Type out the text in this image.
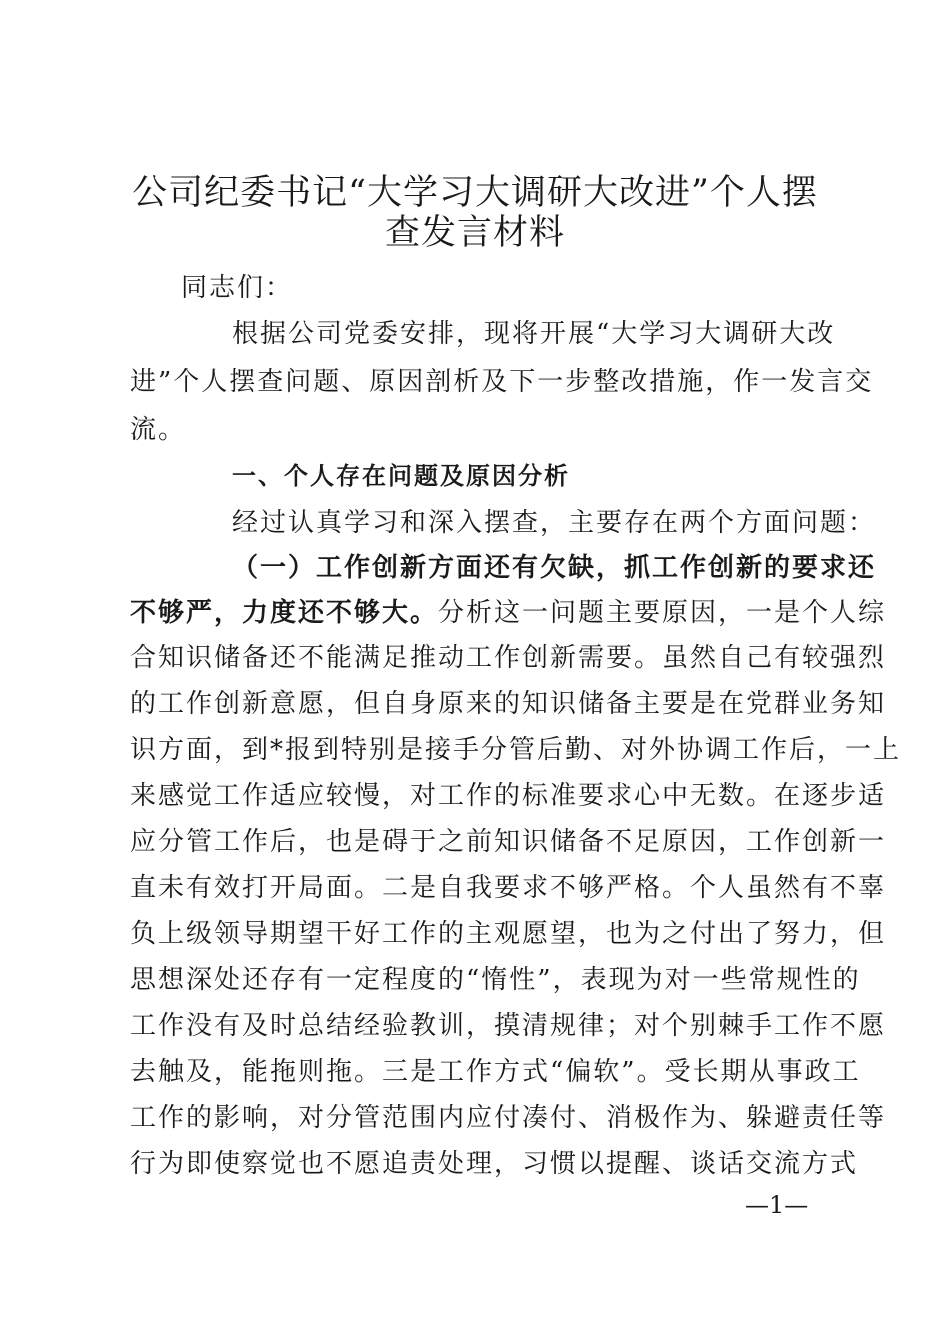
公司纪委书记“大学习大调研大改进”个人摆
查发言材料

同志们：

根据公司党委安排，现将开展“大学习大调研大改

进”个人摆查问题、原因剖析及下一步整改措施，作一发言交

流。

一、个人存在问题及原因分析

经过认真学习和深入摆查，主要存在两个方面问题：

（一）工作创新方面还有欠缺，抓工作创新的要求还

不够严，力度还不够大。分析这一问题主要原因，一是个人综

合知识储备还不能满足推动工作创新需要。虽然自己有较强烈

的工作创新意愿，但自身原来的知识储备主要是在党群业务知

识方面，到*报到特别是接手分管后勤、对外协调工作后，一上

来感觉工作适应较慢，对工作的标准要求心中无数。在逐步适

应分管工作后，也是碍于之前知识储备不足原因，工作创新一

直未有效打开局面。二是自我要求不够严格。个人虽然有不辜

负上级领导期望干好工作的主观愿望，也为之付出了努力，但

思想深处还存有一定程度的“惰性”，表现为对一些常规性的

工作没有及时总结经验教训，摸清规律；对个别棘手工作不愿

去触及，能拖则拖。三是工作方式“偏软”。受长期从事政工

工作的影响，对分管范围内应付凑付、消极作为、躲避责任等

行为即使察觉也不愿追责处理，习惯以提醒、谈话交流方式

—1—
